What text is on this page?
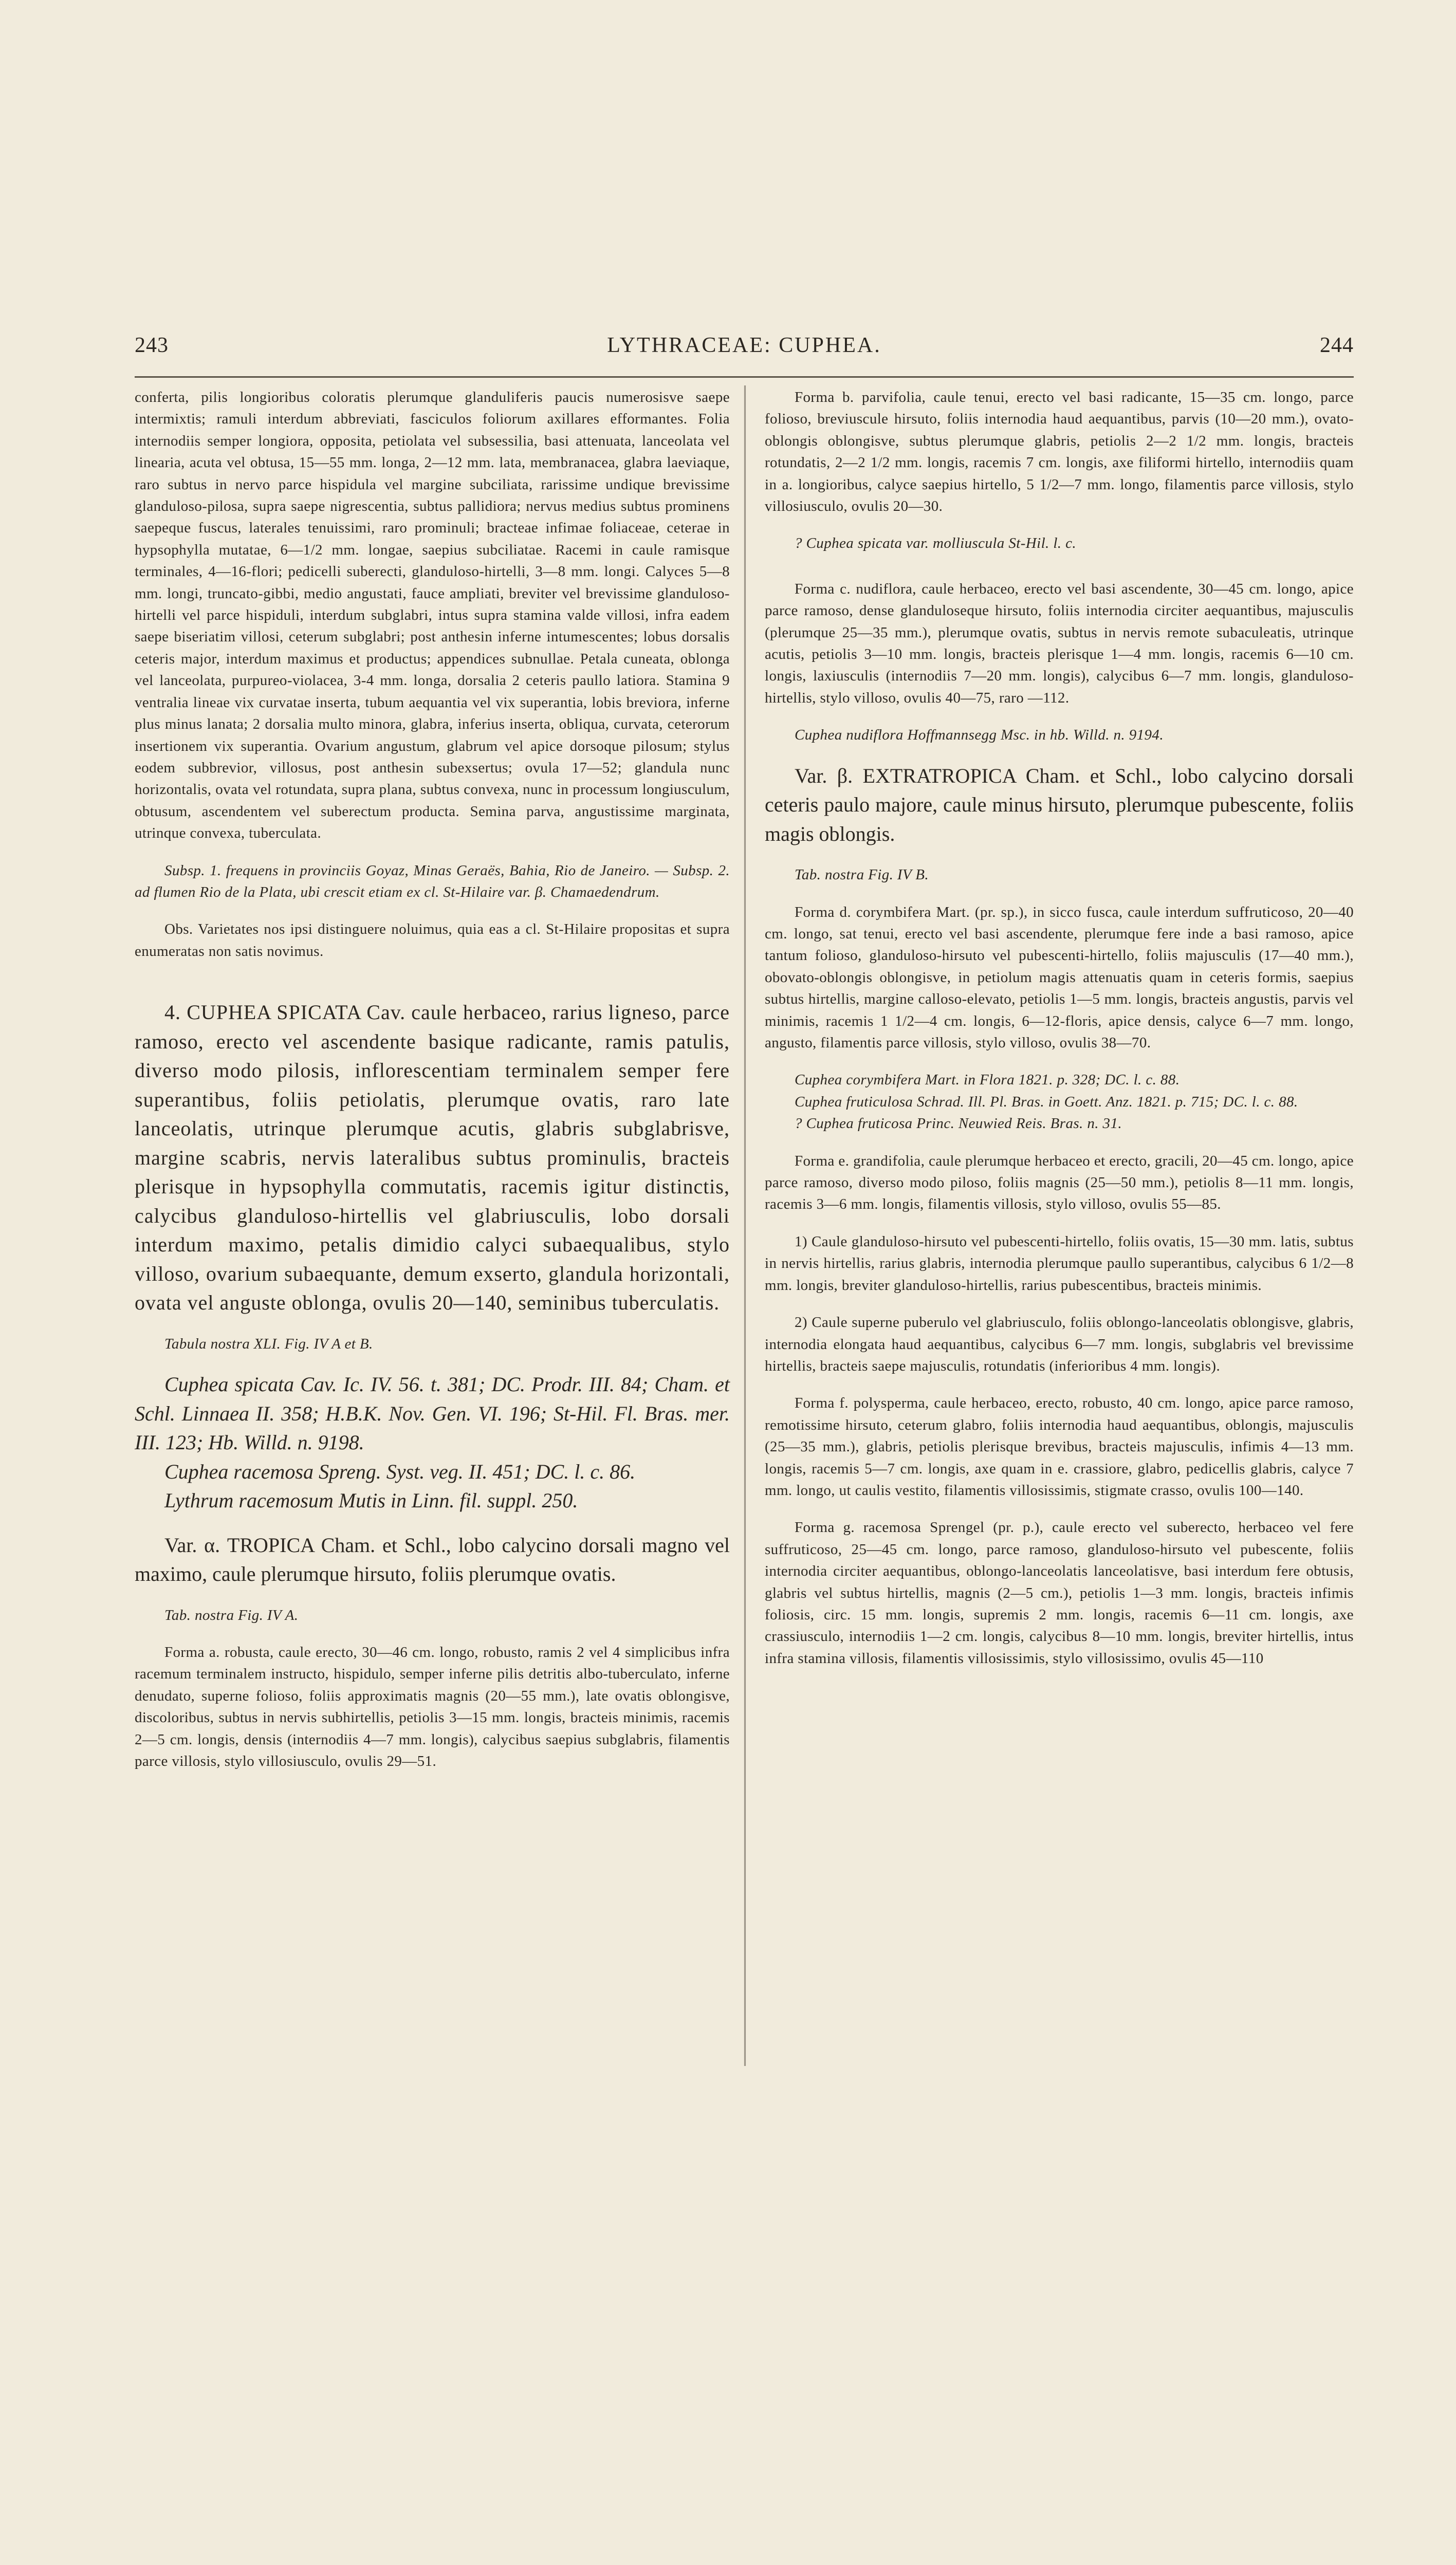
243	LYTHRACEAE: CUPHEA.	244

conferta, pilis longioribus coloratis plerumque glanduliferis paucis numerosisve saepe intermixtis; ramuli interdum abbreviati, fasciculos foliorum axillares efformantes. Folia internodiis semper longiora, opposita, petiolata vel subsessilia, basi attenuata, lanceolata vel linearia, acuta vel obtusa, 15—55 mm. longa, 2—12 mm. lata, membranacea, glabra laeviaque, raro subtus in nervo parce hispidula vel margine subciliata, rarissime undique brevissime glanduloso-pilosa, supra saepe nigrescentia, subtus pallidiora; nervus medius subtus prominens saepeque fuscus, laterales tenuissimi, raro prominuli; bracteae infimae foliaceae, ceterae in hypsophylla mutatae, 6—1/2 mm. longae, saepius subciliatae. Racemi in caule ramisque terminales, 4—16-flori; pedicelli suberecti, glanduloso-hirtelli, 3—8 mm. longi. Calyces 5—8 mm. longi, truncato-gibbi, medio angustati, fauce ampliati, breviter vel brevissime glanduloso-hirtelli vel parce hispiduli, interdum subglabri, intus supra stamina valde villosi, infra eadem saepe biseriatim villosi, ceterum subglabri; post anthesin inferne intumescentes; lobus dorsalis ceteris major, interdum maximus et productus; appendices subnullae. Petala cuneata, oblonga vel lanceolata, purpureo-violacea, 3-4 mm. longa, dorsalia 2 ceteris paullo latiora. Stamina 9 ventralia lineae vix curvatae inserta, tubum aequantia vel vix superantia, lobis breviora, inferne plus minus lanata; 2 dorsalia multo minora, glabra, inferius inserta, obliqua, curvata, ceterorum insertionem vix superantia. Ovarium angustum, glabrum vel apice dorsoque pilosum; stylus eodem subbrevior, villosus, post anthesin subexsertus; ovula 17—52; glandula nunc horizontalis, ovata vel rotundata, supra plana, subtus convexa, nunc in processum longiusculum, obtusum, ascendentem vel suberectum producta. Semina parva, angustissime marginata, utrinque convexa, tuberculata.

Subsp. 1. frequens in provinciis Goyaz, Minas Geraës, Bahia, Rio de Janeiro. — Subsp. 2. ad flumen Rio de la Plata, ubi crescit etiam ex cl. St-Hilaire var. β. Chamaedendrum.

Obs. Varietates nos ipsi distinguere noluimus, quia eas a cl. St-Hilaire propositas et supra enumeratas non satis novimus.

4. CUPHEA SPICATA Cav. caule herbaceo, rarius ligneso, parce ramoso, erecto vel ascendente basique radicante, ramis patulis, diverso modo pilosis, inflorescentiam terminalem semper fere superantibus, foliis petiolatis, plerumque ovatis, raro late lanceolatis, utrinque plerumque acutis, glabris subglabrisve, margine scabris, nervis lateralibus subtus prominulis, bracteis plerisque in hypsophylla commutatis, racemis igitur distinctis, calycibus glanduloso-hirtellis vel glabriusculis, lobo dorsali interdum maximo, petalis dimidio calyci subaequalibus, stylo villoso, ovarium subaequante, demum exserto, glandula horizontali, ovata vel anguste oblonga, ovulis 20—140, seminibus tuberculatis.

Tabula nostra XLI. Fig. IV A et B.

Cuphea spicata Cav. Ic. IV. 56. t. 381; DC. Prodr. III. 84; Cham. et Schl. Linnaea II. 358; H.B.K. Nov. Gen. VI. 196; St-Hil. Fl. Bras. mer. III. 123; Hb. Willd. n. 9198.

Cuphea racemosa Spreng. Syst. veg. II. 451; DC. l. c. 86.

Lythrum racemosum Mutis in Linn. fil. suppl. 250.

Var. α. TROPICA Cham. et Schl., lobo calycino dorsali magno vel maximo, caule plerumque hirsuto, foliis plerumque ovatis.

Tab. nostra Fig. IV A.

Forma a. robusta, caule erecto, 30—46 cm. longo, robusto, ramis 2 vel 4 simplicibus infra racemum terminalem instructo, hispidulo, semper inferne pilis detritis albo-tuberculato, inferne denudato, superne folioso, foliis approximatis magnis (20—55 mm.), late ovatis oblongisve, discoloribus, subtus in nervis subhirtellis, petiolis 3—15 mm. longis, bracteis minimis, racemis 2—5 cm. longis, densis (internodiis 4—7 mm. longis), calycibus saepius subglabris, filamentis parce villosis, stylo villosiusculo, ovulis 29—51.

Forma b. parvifolia, caule tenui, erecto vel basi radicante, 15—35 cm. longo, parce folioso, breviuscule hirsuto, foliis internodia haud aequantibus, parvis (10—20 mm.), ovato-oblongis oblongisve, subtus plerumque glabris, petiolis 2—2 1/2 mm. longis, bracteis rotundatis, 2—2 1/2 mm. longis, racemis 7 cm. longis, axe filiformi hirtello, internodiis quam in a. longioribus, calyce saepius hirtello, 5 1/2—7 mm. longo, filamentis parce villosis, stylo villosiusculo, ovulis 20—30.

? Cuphea spicata var. molliuscula St-Hil. l. c.

Forma c. nudiflora, caule herbaceo, erecto vel basi ascendente, 30—45 cm. longo, apice parce ramoso, dense glanduloseque hirsuto, foliis internodia circiter aequantibus, majusculis (plerumque 25—35 mm.), plerumque ovatis, subtus in nervis remote subaculeatis, utrinque acutis, petiolis 3—10 mm. longis, bracteis plerisque 1—4 mm. longis, racemis 6—10 cm. longis, laxiusculis (internodiis 7—20 mm. longis), calycibus 6—7 mm. longis, glanduloso-hirtellis, stylo villoso, ovulis 40—75, raro —112.

Cuphea nudiflora Hoffmannsegg Msc. in hb. Willd. n. 9194.

Var. β. EXTRATROPICA Cham. et Schl., lobo calycino dorsali ceteris paulo majore, caule minus hirsuto, plerumque pubescente, foliis magis oblongis.

Tab. nostra Fig. IV B.

Forma d. corymbifera Mart. (pr. sp.), in sicco fusca, caule interdum suffruticoso, 20—40 cm. longo, sat tenui, erecto vel basi ascendente, plerumque fere inde a basi ramoso, apice tantum folioso, glanduloso-hirsuto vel pubescenti-hirtello, foliis majusculis (17—40 mm.), obovato-oblongis oblongisve, in petiolum magis attenuatis quam in ceteris formis, saepius subtus hirtellis, margine calloso-elevato, petiolis 1—5 mm. longis, bracteis angustis, parvis vel minimis, racemis 1 1/2—4 cm. longis, 6—12-floris, apice densis, calyce 6—7 mm. longo, angusto, filamentis parce villosis, stylo villoso, ovulis 38—70.

Cuphea corymbifera Mart. in Flora 1821. p. 328; DC. l. c. 88.

Cuphea fruticulosa Schrad. Ill. Pl. Bras. in Goett. Anz. 1821. p. 715; DC. l. c. 88.

? Cuphea fruticosa Princ. Neuwied Reis. Bras. n. 31.

Forma e. grandifolia, caule plerumque herbaceo et erecto, gracili, 20—45 cm. longo, apice parce ramoso, diverso modo piloso, foliis magnis (25—50 mm.), petiolis 8—11 mm. longis, racemis 3—6 mm. longis, filamentis villosis, stylo villoso, ovulis 55—85.

1) Caule glanduloso-hirsuto vel pubescenti-hirtello, foliis ovatis, 15—30 mm. latis, subtus in nervis hirtellis, rarius glabris, internodia plerumque paullo superantibus, calycibus 6 1/2—8 mm. longis, breviter glanduloso-hirtellis, rarius pubescentibus, bracteis minimis.

2) Caule superne puberulo vel glabriusculo, foliis oblongo-lanceolatis oblongisve, glabris, internodia elongata haud aequantibus, calycibus 6—7 mm. longis, subglabris vel brevissime hirtellis, bracteis saepe majusculis, rotundatis (inferioribus 4 mm. longis).

Forma f. polysperma, caule herbaceo, erecto, robusto, 40 cm. longo, apice parce ramoso, remotissime hirsuto, ceterum glabro, foliis internodia haud aequantibus, oblongis, majusculis (25—35 mm.), glabris, petiolis plerisque brevibus, bracteis majusculis, infimis 4—13 mm. longis, racemis 5—7 cm. longis, axe quam in e. crassiore, glabro, pedicellis glabris, calyce 7 mm. longo, ut caulis vestito, filamentis villosissimis, stigmate crasso, ovulis 100—140.

Forma g. racemosa Sprengel (pr. p.), caule erecto vel suberecto, herbaceo vel fere suffruticoso, 25—45 cm. longo, parce ramoso, glanduloso-hirsuto vel pubescente, foliis internodia circiter aequantibus, oblongo-lanceolatis lanceolatisve, basi interdum fere obtusis, glabris vel subtus hirtellis, magnis (2—5 cm.), petiolis 1—3 mm. longis, bracteis infimis foliosis, circ. 15 mm. longis, supremis 2 mm. longis, racemis 6—11 cm. longis, axe crassiusculo, internodiis 1—2 cm. longis, calycibus 8—10 mm. longis, breviter hirtellis, intus infra stamina villosis, filamentis villosissimis, stylo villosissimo, ovulis 45—110
